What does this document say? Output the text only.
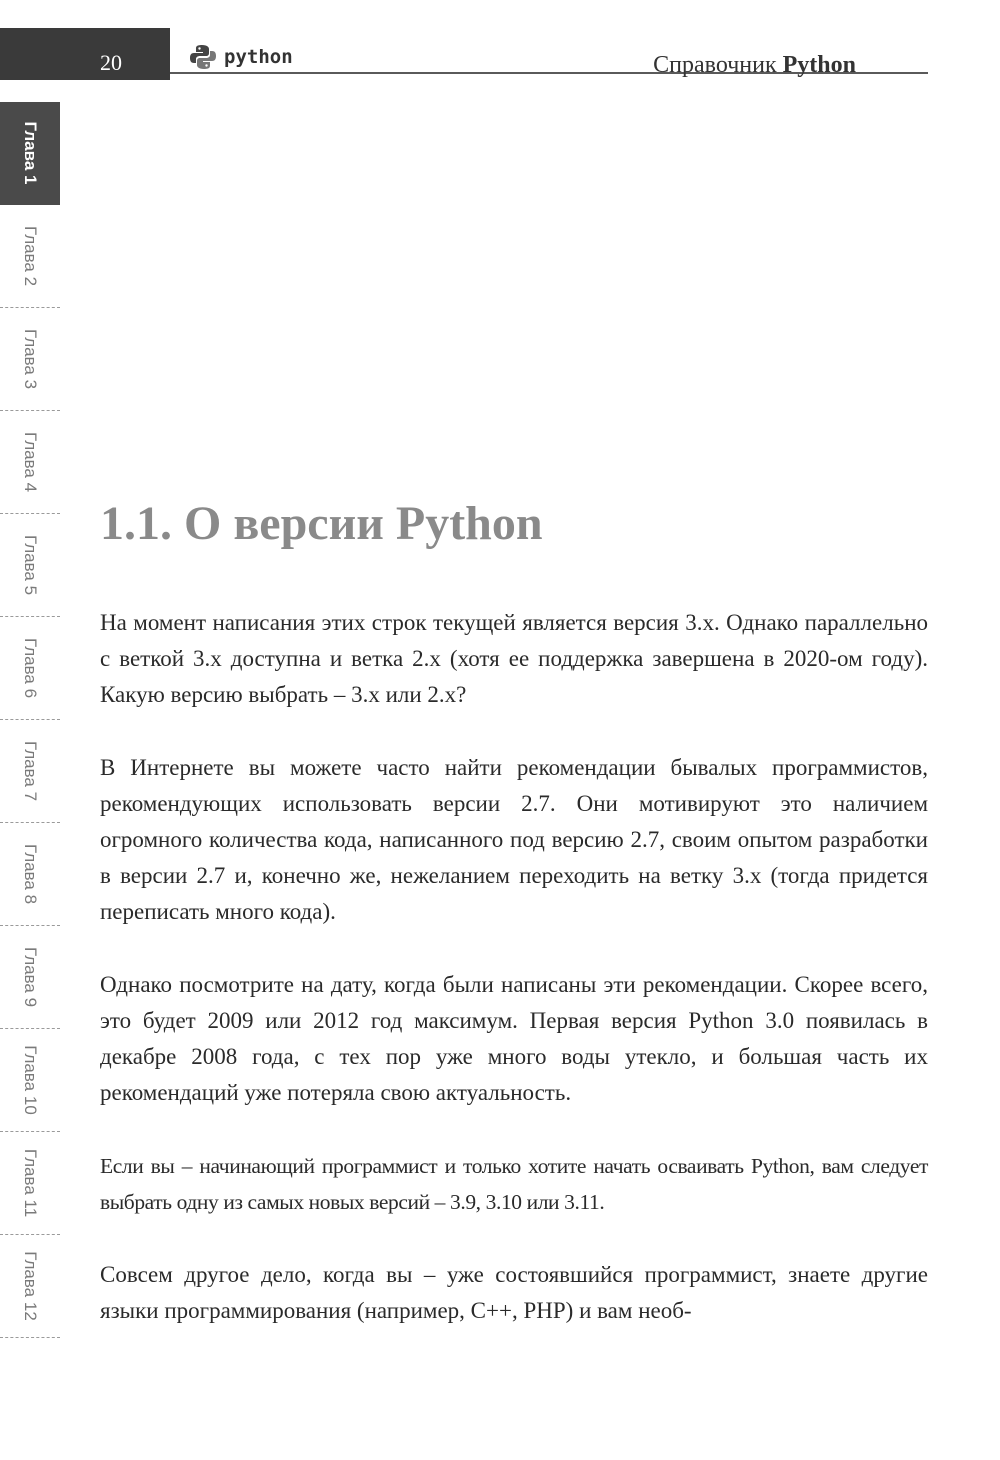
20	python	Справочник Python
Глава 1
Глава 2
Глава 3
Глава 4
Глава 5
Глава 6
Глава 7
Глава 8
Глава 9
Глава 10
Глава 11
Глава 12
1.1. О версии Python

На момент написания этих строк текущей является версия 3.x. Однако параллельно с веткой 3.x доступна и ветка 2.x (хотя ее поддержка завершена в 2020-ом году). Какую версию выбрать – 3.x или 2.x?

В Интернете вы можете часто найти рекомендации бывалых программистов, рекомендующих использовать версии 2.7. Они мотивируют это наличием огромного количества кода, написанного под версию 2.7, своим опытом разработки в версии 2.7 и, конечно же, нежеланием переходить на ветку 3.x (тогда придется переписать много кода).

Однако посмотрите на дату, когда были написаны эти рекомендации. Скорее всего, это будет 2009 или 2012 год максимум. Первая версия Python 3.0 появилась в декабре 2008 года, с тех пор уже много воды утекло, и большая часть их рекомендаций уже потеряла свою актуальность.

Если вы – начинающий программист и только хотите начать осваивать Python, вам следует выбрать одну из самых новых версий – 3.9, 3.10 или 3.11.

Совсем другое дело, когда вы – уже состоявшийся программист, знаете другие языки программирования (например, C++, PHP) и вам необ-
